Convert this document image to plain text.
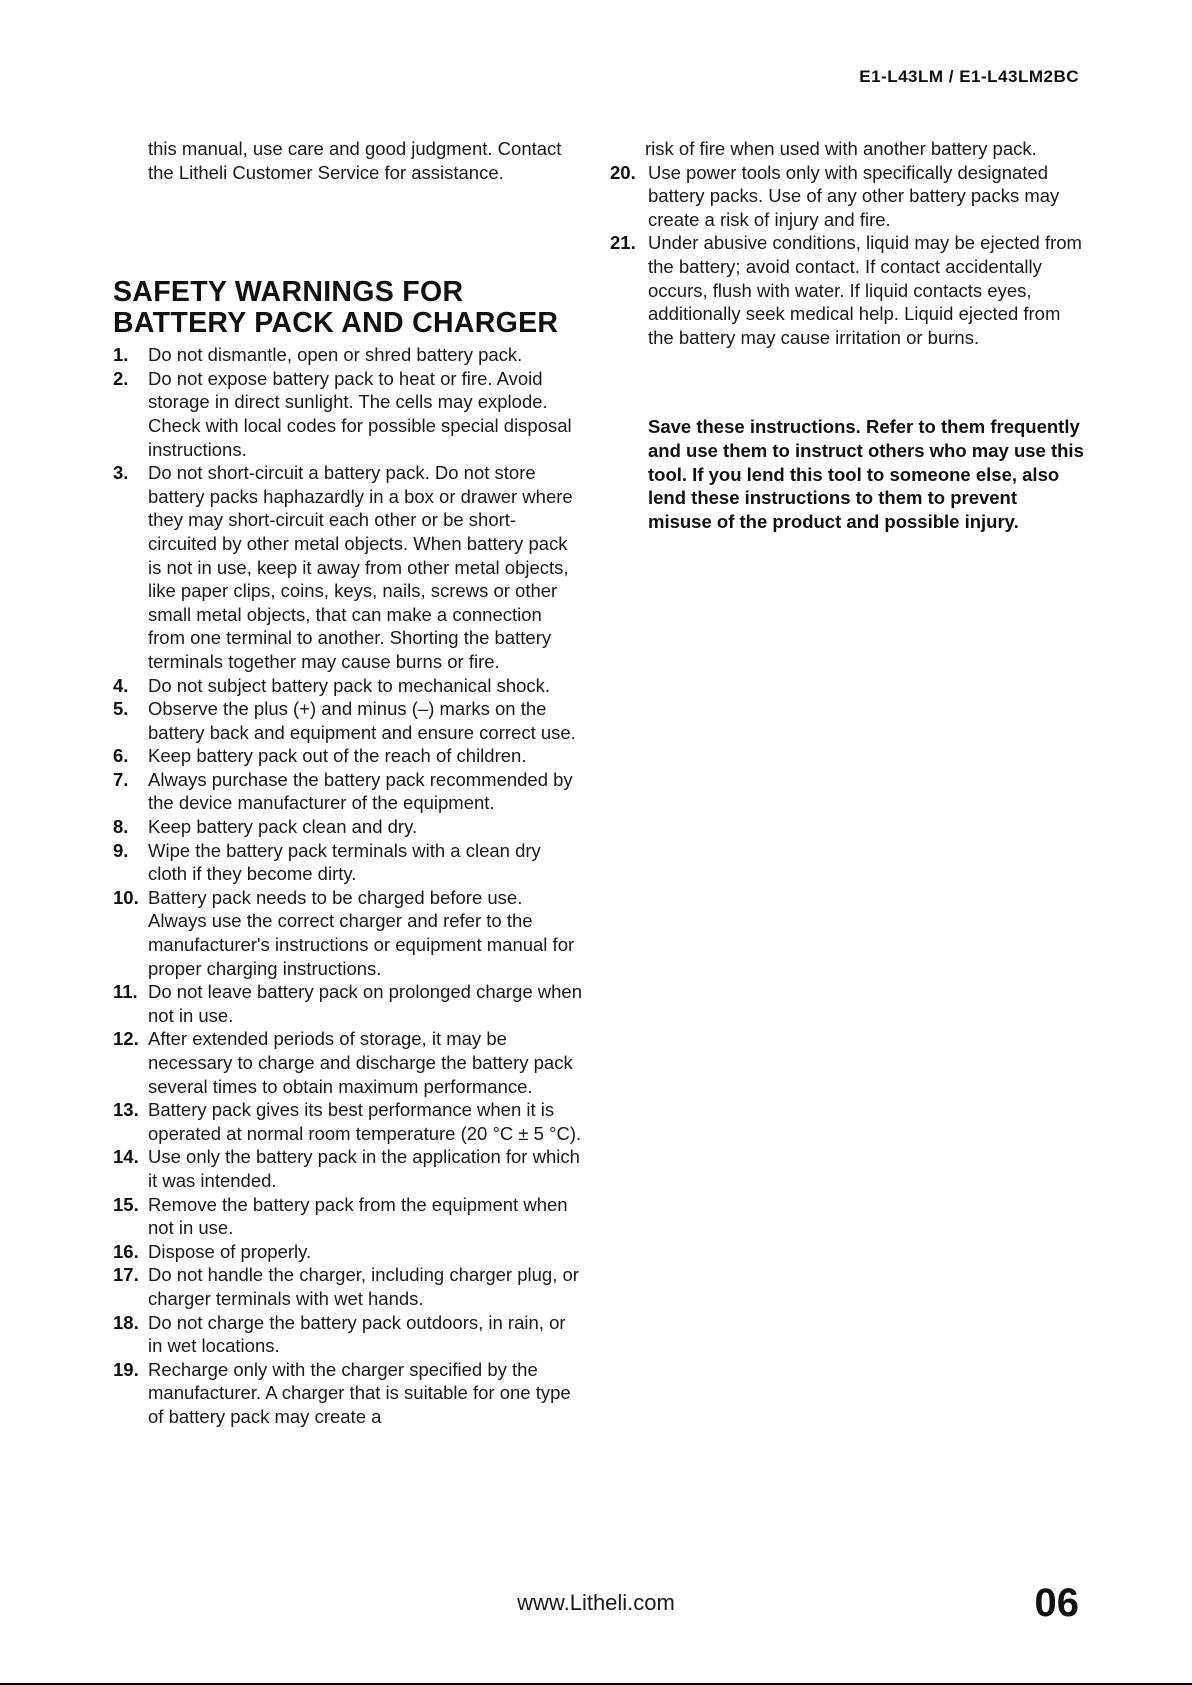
E1-L43LM / E1-L43LM2BC

this manual, use care and good judgment. Contact the Litheli Customer Service for assistance.

SAFETY WARNINGS FOR BATTERY PACK AND CHARGER
1. Do not dismantle, open or shred battery pack.
2. Do not expose battery pack to heat or fire. Avoid storage in direct sunlight. The cells may explode. Check with local codes for possible special disposal instructions.
3. Do not short-circuit a battery pack. Do not store battery packs haphazardly in a box or drawer where they may short-circuit each other or be short-circuited by other metal objects. When battery pack is not in use, keep it away from other metal objects, like paper clips, coins, keys, nails, screws or other small metal objects, that can make a connection from one terminal to another. Shorting the battery terminals together may cause burns or fire.
4. Do not subject battery pack to mechanical shock.
5. Observe the plus (+) and minus (–) marks on the battery back and equipment and ensure correct use.
6. Keep battery pack out of the reach of children.
7. Always purchase the battery pack recommended by the device manufacturer of the equipment.
8. Keep battery pack clean and dry.
9. Wipe the battery pack terminals with a clean dry cloth if they become dirty.
10. Battery pack needs to be charged before use. Always use the correct charger and refer to the manufacturer's instructions or equipment manual for proper charging instructions.
11. Do not leave battery pack on prolonged charge when not in use.
12. After extended periods of storage, it may be necessary to charge and discharge the battery pack several times to obtain maximum performance.
13. Battery pack gives its best performance when it is operated at normal room temperature (20 °C ± 5 °C).
14. Use only the battery pack in the application for which it was intended.
15. Remove the battery pack from the equipment when not in use.
16. Dispose of properly.
17. Do not handle the charger, including charger plug, or charger terminals with wet hands.
18. Do not charge the battery pack outdoors, in rain, or in wet locations.
19. Recharge only with the charger specified by the manufacturer. A charger that is suitable for one type of battery pack may create a

risk of fire when used with another battery pack.

20. Use power tools only with specifically designated battery packs. Use of any other battery packs may create a risk of injury and fire.
21. Under abusive conditions, liquid may be ejected from the battery; avoid contact. If contact accidentally occurs, flush with water. If liquid contacts eyes, additionally seek medical help. Liquid ejected from the battery may cause irritation or burns.

Save these instructions. Refer to them frequently and use them to instruct others who may use this tool. If you lend this tool to someone else, also lend these instructions to them to prevent misuse of the product and possible injury.

www.Litheli.com	06
